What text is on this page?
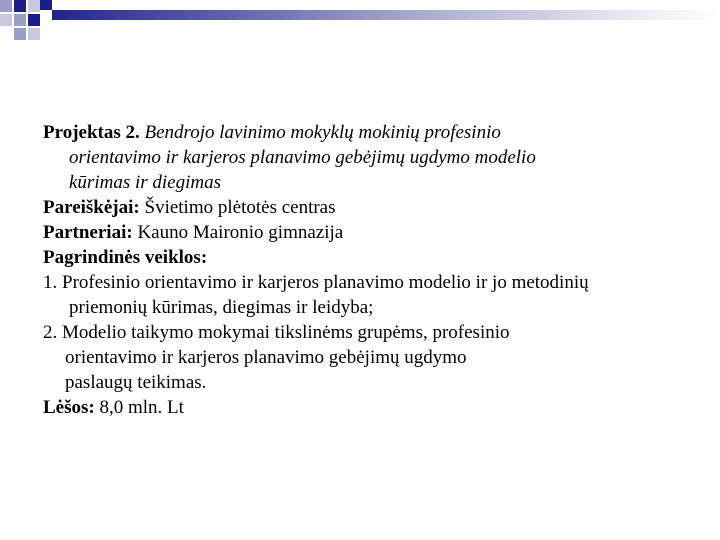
Projektas 2. Bendrojo lavinimo mokyklų mokinių profesinio

orientavimo ir karjeros planavimo gebėjimų ugdymo modelio

kūrimas ir diegimas

Pareiškėjai: Švietimo plėtotės centras

Partneriai: Kauno Maironio gimnazija

Pagrindinės veiklos:

1. Profesinio orientavimo ir karjeros planavimo modelio ir jo metodinių

priemonių kūrimas, diegimas ir leidyba;

2. Modelio taikymo mokymai tikslinėms grupėms, profesinio

orientavimo ir karjeros planavimo gebėjimų ugdymo

paslaugų teikimas.

Lėšos: 8,0 mln. Lt
